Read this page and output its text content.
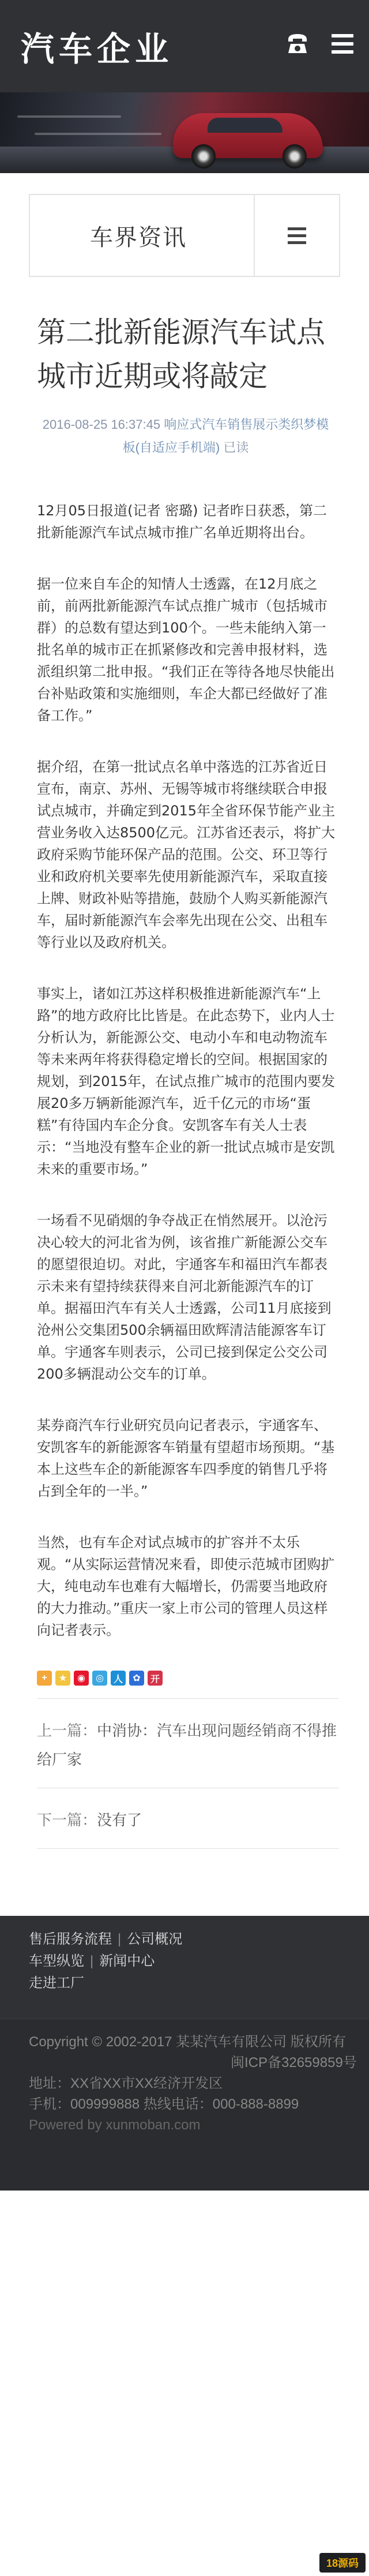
汽车企业
车界资讯
第二批新能源汽车试点城市近期或将敲定
2016-08-25 16:37:45 响应式汽车销售展示类织梦模板(自适应手机端) 已读

12月05日报道(记者 密璐) 记者昨日获悉，第二批新能源汽车试点城市推广名单近期将出台。

据一位来自车企的知情人士透露，在12月底之前，前两批新能源汽车试点推广城市（包括城市群）的总数有望达到100个。一些未能纳入第一批名单的城市正在抓紧修改和完善申报材料，选派组织第二批申报。“我们正在等待各地尽快能出台补贴政策和实施细则，车企大都已经做好了准备工作。”

据介绍，在第一批试点名单中落选的江苏省近日宣布，南京、苏州、无锡等城市将继续联合申报试点城市，并确定到2015年全省环保节能产业主营业务收入达8500亿元。江苏省还表示，将扩大政府采购节能环保产品的范围。公交、环卫等行业和政府机关要率先使用新能源汽车，采取直接上牌、财政补贴等措施，鼓励个人购买新能源汽车，届时新能源汽车会率先出现在公交、出租车等行业以及政府机关。

事实上，诸如江苏这样积极推进新能源汽车“上路”的地方政府比比皆是。在此态势下，业内人士分析认为，新能源公交、电动小车和电动物流车等未来两年将获得稳定增长的空间。根据国家的规划，到2015年，在试点推广城市的范围内要发展20多万辆新能源汽车，近千亿元的市场“蛋糕”有待国内车企分食。安凯客车有关人士表示：“当地没有整车企业的新一批试点城市是安凯未来的重要市场。”

一场看不见硝烟的争夺战正在悄然展开。以沧污决心较大的河北省为例，该省推广新能源公交车的愿望很迫切。对此，宇通客车和福田汽车都表示未来有望持续获得来自河北新能源汽车的订单。据福田汽车有关人士透露，公司11月底接到沧州公交集团500余辆福田欧辉清洁能源客车订单。宇通客车则表示，公司已接到保定公交公司200多辆混动公交车的订单。

某券商汽车行业研究员向记者表示，宇通客车、安凯客车的新能源客车销量有望超市场预期。“基本上这些车企的新能源客车四季度的销售几乎将占到全年的一半。”

当然，也有车企对试点城市的扩容并不太乐观。“从实际运营情况来看，即使示范城市团购扩大，纯电动车也难有大幅增长，仍需要当地政府的大力推动。”重庆一家上市公司的管理人员这样向记者表示。

+	★	◉	◎	人	✿	开
上一篇：中消协：汽车出现问题经销商不得推给厂家
下一篇：没有了
售后服务流程 | 公司概况
车型纵览 | 新闻中心
走进工厂
Copyright © 2002-2017 某某汽车有限公司 版权所有
闽ICP备32659859号
地址：XX省XX市XX经济开发区
手机：009999888 热线电话：000-888-8899
Powered by xunmoban.com
18源码
